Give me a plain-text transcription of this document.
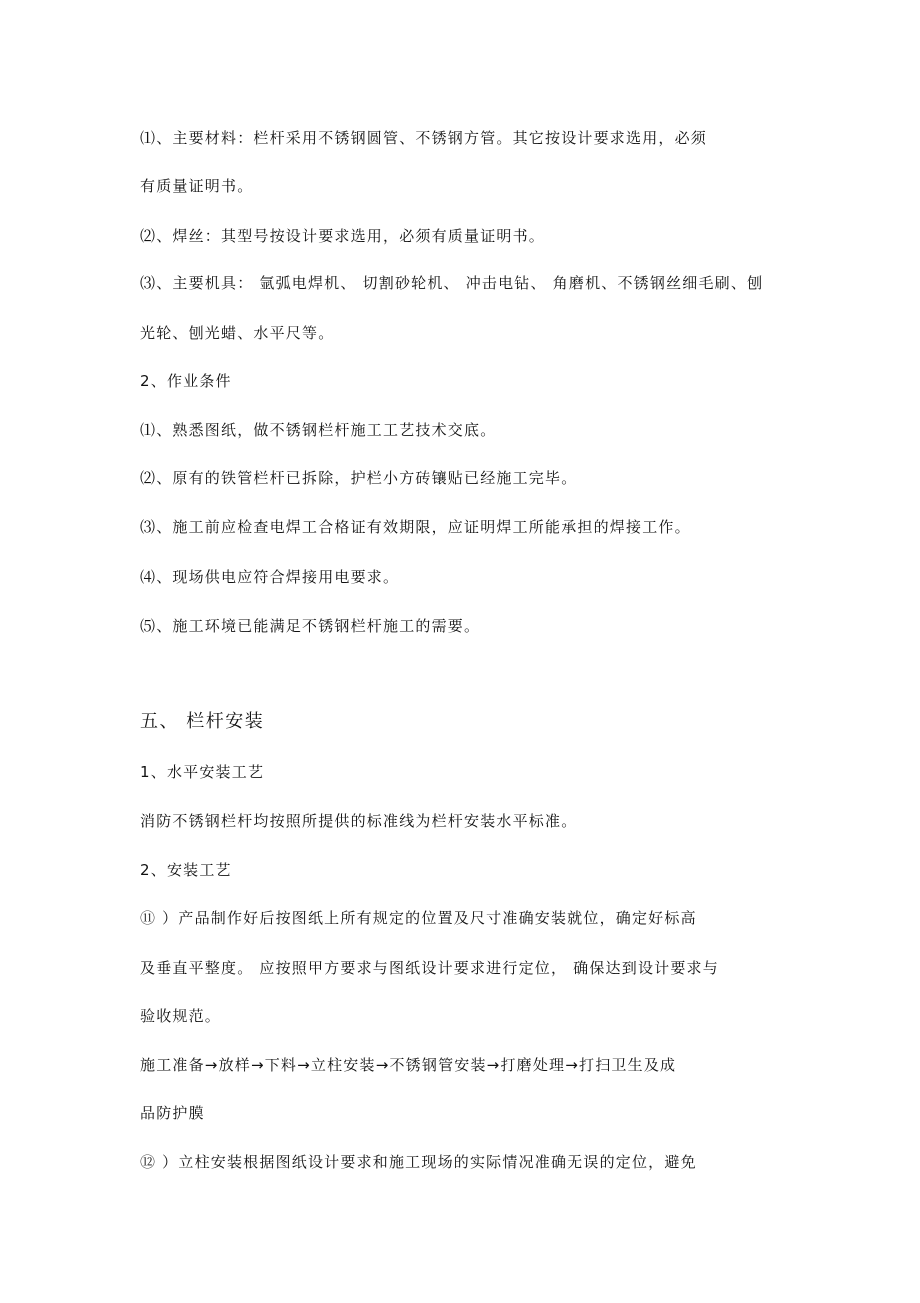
⑴、主要材料：栏杆采用不锈钢圆管、不锈钢方管。其它按设计要求选用，必须
有质量证明书。
⑵、焊丝：其型号按设计要求选用，必须有质量证明书。
⑶、主要机具： 氩弧电焊机、 切割砂轮机、 冲击电钻、 角磨机、不锈钢丝细毛刷、刨
光轮、刨光蜡、水平尺等。
2、作业条件
⑴、熟悉图纸，做不锈钢栏杆施工工艺技术交底。
⑵、原有的铁管栏杆已拆除，护栏小方砖镶贴已经施工完毕。
⑶、施工前应检查电焊工合格证有效期限，应证明焊工所能承担的焊接工作。
⑷、现场供电应符合焊接用电要求。
⑸、施工环境已能满足不锈钢栏杆施工的需要。
五、 栏杆安装
1、水平安装工艺
消防不锈钢栏杆均按照所提供的标准线为栏杆安装水平标准。
2、安装工艺
⑪ ）产品制作好后按图纸上所有规定的位置及尺寸准确安装就位，确定好标高
及垂直平整度。 应按照甲方要求与图纸设计要求进行定位， 确保达到设计要求与
验收规范。
施工准备→放样→下料→立柱安装→不锈钢管安装→打磨处理→打扫卫生及成
品防护膜
⑫ ）立柱安装根据图纸设计要求和施工现场的实际情况准确无误的定位，避免
